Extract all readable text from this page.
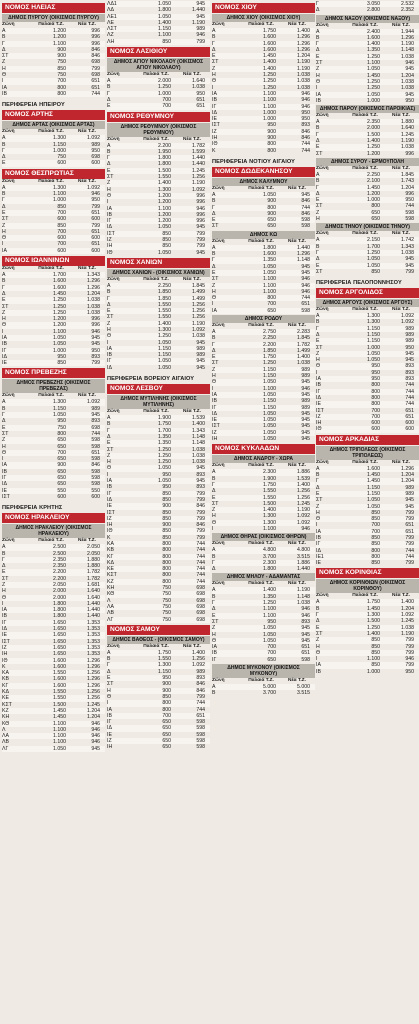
ΝΟΜΟΣ ΗΛΕΙΑΣ
ΔΗΜΟΣ ΠΥΡΓΟΥ (ΟΙΚΙΣΜΟΣ ΠΥΡΓΟΥ)
Ζώνη	Παλαιά Τ.Ζ.	Νέα Τ.Ζ.
Α	1.200	996
Β	1.200	996
Γ	1.100	996
Δ	900	846
ΣΤ	900	846
Ζ	750	698
Η	850	799
Θ	750	698
Ι	700	651
ΙΑ	800	651
ΙΒ	800	744
ΠΕΡΙΦΕΡΕΙΑ ΗΠΕΙΡΟΥ
ΝΟΜΟΣ ΑΡΤΗΣ
ΔΗΜΟΣ ΑΡΤΑΣ (ΟΙΚΙΣΜΟΣ ΑΡΤΑΣ)
Ζώνη	Παλαιά Τ.Ζ.	Νέα Τ.Ζ.
Α	1.300	1.092
Β	1.150	989
Γ	1.000	950
Δ	750	698
Ε	600	600
ΝΟΜΟΣ ΘΕΣΠΡΩΤΙΑΣ
Ζώνη	Παλαιά Τ.Ζ.	Νέα Τ.Ζ.
Α	1.300	1.092
Β	1.100	946
Γ	1.000	950
Δ	850	799
Ε	700	651
ΣΤ	600	600
Ζ	850	799
Η	700	651
Θ	600	600
Ι	700	651
ΙΑ	600	600
ΝΟΜΟΣ ΙΩΑΝΝΙΝΩΝ
Ζώνη	Παλαιά Τ.Ζ.	Νέα Τ.Ζ.
Α	1.700	1.343
Β	1.600	1.296
Γ	1.600	1.296
Δ	1.450	1.204
Ε	1.250	1.038
ΣΤ	1.250	1.038
Ζ	1.250	1.038
Η	1.200	996
Θ	1.200	996
Ι	1.100	946
ΙΑ	1.050	945
ΙΒ	1.050	945
ΙΓ	1.000	950
ΙΔ	950	893
ΙΕ	850	799
ΝΟΜΟΣ ΠΡΕΒΕΖΗΣ
ΔΗΜΟΣ ΠΡΕΒΕΖΗΣ (ΟΙΚΙΣΜΟΣ ΠΡΕΒΕΖΑΣ)
Ζώνη	Παλαιά Τ.Ζ.	Νέα Τ.Ζ.
Α	1.300	1.092
Β	1.150	989
Γ	1.050	945
Δ	950	893
Ε	750	698
ΣΤ	800	744
Ζ	650	598
Η	650	598
Θ	700	651
Ι	650	598
ΙΑ	900	846
ΙΒ	650	598
ΙΓ	650	598
ΙΔ	650	598
ΙΕ	550	550
ΙΣΤ	600	600
ΠΕΡΙΦΕΡΕΙΑ ΚΡΗΤΗΣ
ΝΟΜΟΣ ΗΡΑΚΛΕΙΟΥ
ΔΗΜΟΣ ΗΡΑΚΛΕΙΟΥ (ΟΙΚΙΣΜΟΣ ΗΡΑΚΛΕΙΟΥ)
Ζώνη	Παλαιά Τ.Ζ.	Νέα Τ.Ζ.
Α	2.500	2.050
Β	2.500	2.050
Γ	2.350	1.880
Δ	2.350	1.880
Ε	2.200	1.782
ΣΤ	2.200	1.782
Ζ	2.050	1.681
Η	2.000	1.640
Θ	2.000	1.640
Ι	1.800	1.440
ΙΑ	1.800	1.440
ΙΒ	1.800	1.440
ΙΓ	1.650	1.353
ΙΔ	1.650	1.353
ΙΕ	1.650	1.353
ΙΣΤ	1.650	1.353
ΙΖ	1.650	1.353
ΙΗ	1.650	1.353
ΙΘ	1.600	1.296
Κ	1.600	1.296
ΚΑ	1.550	1.256
ΚΒ	1.600	1.296
ΚΓ	1.600	1.296
ΚΔ	1.550	1.256
ΚΕ	1.550	1.256
ΚΣΤ	1.500	1.245
ΚΖ	1.450	1.204
ΚΗ	1.450	1.204
ΚΘ	1.100	946
Λ	1.100	946
ΛΑ	1.100	946
ΛΒ	1.100	946
ΛΓ	1.050	945
ΛΔ1	1.050	945
ΛΔ	1.800	1.440
ΛΕ1	1.050	945
ΛΕ	1.400	1.190
ΛΣΤ	1.150	989
ΛΖ	1.100	946
ΛΗ	850	799
ΝΟΜΟΣ ΛΑΣΙΘΙΟΥ
ΔΗΜΟΣ ΑΓΙΟΥ ΝΙΚΟΛΑΟΥ (ΟΙΚΙΣΜΟΣ ΑΓΙΟΥ ΝΙΚΟΛΑΟΥ)
Ζώνη	Παλαιά Τ.Ζ.	Νέα Τ.Ζ.
Α	2.000	1.640
Β	1.250	1.038
Γ	1.000	950
Δ	700	651
Ε	700	651
ΝΟΜΟΣ ΡΕΘΥΜΝΟΥ
ΔΗΜΟΣ ΡΕΘΥΜΝΟΥ (ΟΙΚΙΣΜΟΣ ΡΕΘΥΜΝΟΥ)
Ζώνη	Παλαιά Τ.Ζ.	Νέα Τ.Ζ.
Α	2.200	1.782
Β	1.950	1.599
Γ	1.800	1.440
Δ	1.800	1.440
Ε	1.500	1.245
ΣΤ	1.550	1.256
Ζ	1.400	1.190
Η	1.300	1.092
Θ	1.200	996
Ι	1.200	996
ΙΑ	1.100	946
ΙΒ	1.200	996
ΙΓ	1.200	996
ΙΔ	1.050	945
ΙΣΤ	850	799
ΙΖ	850	799
ΙΗ	850	799
ΙΘ	1.050	945
ΝΟΜΟΣ ΧΑΝΙΩΝ
ΔΗΜΟΣ ΧΑΝΙΩΝ - (ΟΙΚΙΣΜΟΣ ΧΑΝΙΩΝ)
Ζώνη	Παλαιά Τ.Ζ.	Νέα Τ.Ζ.
Α	2.250	1.845
Β	1.850	1.499
Γ	1.850	1.499
Δ	1.550	1.256
Ε	1.550	1.256
ΣΤ	1.550	1.256
Ζ	1.400	1.190
Η	1.300	1.092
Θ	1.250	1.038
Ι	1.050	945
ΙΑ	1.150	989
ΙΒ	1.150	989
ΙΓ	1.050	945
ΙΔ	1.050	945
ΠΕΡΙΦΕΡΕΙΑ ΒΟΡΕΙΟΥ ΑΙΓΑΙΟΥ
ΝΟΜΟΣ ΛΕΣΒΟΥ
ΔΗΜΟΣ ΜΥΤΙΛΗΝΗΣ (ΟΙΚΙΣΜΟΣ ΜΥΤΙΛΗΝΗΣ)
Ζώνη	Παλαιά Τ.Ζ.	Νέα Τ.Ζ.
Α	1.900	1.539
Β	1.750	1.400
Γ	1.700	1.343
Δ	1.350	1.148
Ε	1.350	1.148
ΣΤ	1.250	1.038
Ζ	1.250	1.038
Η	1.250	1.038
Θ	1.050	945
Ι	950	893
ΙΑ	1.050	945
ΙΒ	950	893
ΙΓ	850	799
ΙΔ	850	799
ΙΕ	900	846
ΙΣΤ	850	799
ΙΖ	850	799
ΙΗ	900	846
ΙΘ	850	799
Κ	850	799
ΚΑ	800	744
ΚΒ	800	744
ΚΓ	800	744
ΚΔ	800	744
ΚΕ	800	744
ΚΣΤ	800	744
ΚΖ	800	744
ΚΗ	750	698
ΚΘ	750	698
Λ	750	698
ΛΑ	750	698
ΛΒ	750	698
ΛΓ	750	698
ΝΟΜΟΣ ΣΑΜΟΥ
ΔΗΜΟΣ ΒΑΘΕΟΣ - (ΟΙΚΙΣΜΟΣ ΣΑΜΟΥ)
Ζώνη	Παλαιά Τ.Ζ.	Νέα Τ.Ζ.
Α	1.750	1.400
Β	1.550	1.256
Γ	1.300	1.092
Δ	1.150	989
Ε	950	893
ΣΤ	900	846
Η	900	846
Θ	850	799
Ι	800	744
ΙΑ	800	744
ΙΒ	700	651
ΙΓ	650	598
ΙΔ	650	598
ΙΕ	650	598
ΙΖ	650	598
ΙΗ	650	598
ΝΟΜΟΣ ΧΙΟΥ
ΔΗΜΟΣ ΧΙΟΥ (ΟΙΚΙΣΜΟΣ ΧΙΟΥ)
Ζώνη	Παλαιά Τ.Ζ.	Νέα Τ.Ζ.
Α	1.750	1.400
Β	1.600	1.296
Γ	1.600	1.296
Δ	1.600	1.296
Ε	1.450	1.204
ΣΤ	1.400	1.190
Ζ	1.400	1.190
Η	1.250	1.038
Θ	1.250	1.038
Ι	1.250	1.038
ΙΑ	1.100	946
ΙΒ	1.100	946
ΙΓ	1.100	946
ΙΔ	1.000	950
ΙΕ	1.000	950
ΙΣΤ	950	893
ΙΖ	900	846
ΙΗ	900	846
ΙΘ	800	744
Κ	800	744
ΠΕΡΙΦΕΡΕΙΑ ΝΟΤΙΟΥ ΑΙΓΑΙΟΥ
ΝΟΜΟΣ ΔΩΔΕΚΑΝΗΣΟΥ
ΔΗΜΟΣ ΚΑΛΥΜΝΟΥ
Ζώνη	Παλαιά Τ.Ζ.	Νέα Τ.Ζ.
Α	1.050	945
Β	900	846
Γ	800	744
Δ	900	846
Ε	650	598
ΣΤ	650	598
ΔΗΜΟΣ ΚΩ
Ζώνη	Παλαιά Τ.Ζ.	Νέα Τ.Ζ.
Α	1.800	1.440
Β	1.600	1.296
Γ	1.350	1.148
Δ	1.050	945
Ε	1.050	945
ΣΤ	1.100	946
Ζ	1.100	946
Η	1.100	946
Θ	800	744
Ι	700	651
ΙΑ	650	598
ΔΗΜΟΣ ΡΟΔΟΥ
Ζώνη	Παλαιά Τ.Ζ.	Νέα Τ.Ζ.
Α	2.750	2.283
Β	2.250	1.845
Γ	2.200	1.782
Δ	1.850	1.499
Ε	1.750	1.400
ΣΤ	1.250	1.038
Ζ	1.150	989
Η	1.150	989
Θ	1.050	945
Ι	1.100	946
ΙΑ	1.050	945
ΙΒ	1.150	989
ΙΓ	1.150	989
ΙΔ	1.050	945
ΙΕ	1.050	945
ΙΣΤ	1.050	945
ΙΖ	1.050	945
ΙΗ	1.050	945
ΝΟΜΟΣ ΚΥΚΛΑΔΩΝ
ΔΗΜΟΣ ΑΝΔΡΟΥ - ΧΩΡΑ
Ζώνη	Παλαιά Τ.Ζ.	Νέα Τ.Ζ.
Α	2.300	1.886
Β	1.900	1.539
Γ	1.750	1.400
Δ	1.550	1.256
Ε	1.550	1.256
ΣΤ	1.500	1.245
Ζ	1.400	1.190
Η	1.300	1.092
Θ	1.300	1.092
Ι	1.100	946
ΔΗΜΟΣ ΘΗΡΑΣ (ΟΙΚΙΣΜΟΣ ΦΗΡΩΝ)
Ζώνη	Παλαιά Τ.Ζ.	Νέα Τ.Ζ.
Α	4.800	4.800
Β	3.700	3.515
Γ	2.300	1.886
Δ	1.800	1.440
ΔΗΜΟΣ ΜΗΛΟΥ - ΑΔΑΜΑΝΤΑΣ
Ζώνη	Παλαιά Τ.Ζ.	Νέα Τ.Ζ.
Α	1.400	1.190
Β	1.350	1.148
Γ	1.250	1.038
Δ	1.100	946
Ε	1.100	946
ΣΤ	950	893
Ζ	1.050	945
Η	1.050	945
Θ	1.050	945
ΙΑ	700	651
ΙΒ	700	651
ΙΓ	650	598
ΔΗΜΟΣ ΜΥΚΟΝΟΥ (ΟΙΚΙΣΜΟΣ ΜΥΚΟΝΟΥ)
Ζώνη	Παλαιά Τ.Ζ.	Νέα Τ.Ζ.
Α	5.000	5.000
Β	3.700	3.515
Γ	3.050	2.532
Δ	2.800	2.352
ΔΗΜΟΣ ΝΑΞΟΥ (ΟΙΚΙΣΜΟΣ ΝΑΞΟΥ)
Ζώνη	Παλαιά Τ.Ζ.	Νέα Τ.Ζ.
Α	2.400	1.944
Β	1.600	1.296
Γ	1.400	1.190
Δ	1.350	1.148
Ε	1.250	1.038
ΣΤ	1.100	946
Ζ	1.050	945
Η	1.450	1.204
Θ	1.250	1.038
Ι	1.250	1.038
ΙΑ	1.050	945
ΙΒ	1.000	950
ΔΗΜΟΣ ΠΑΡΟΥ (ΟΙΚΙΣΜΟΣ ΠΑΡΟΙΚΙΑΣ)
Ζώνη	Παλαιά Τ.Ζ.	Νέα Τ.Ζ.
Α	2.350	1.880
Β	2.000	1.640
Γ	1.500	1.245
Δ	1.400	1.190
Ε	1.250	1.038
ΣΤ	1.200	996
ΔΗΜΟΣ ΣΥΡΟΥ - ΕΡΜΟΥΠΟΛΗ
Ζώνη	Παλαιά Τ.Ζ.	Νέα Τ.Ζ.
Α	2.250	1.845
Β	2.100	1.743
Γ	1.450	1.204
Δ	1.200	996
Ε	1.000	950
ΣΤ	800	744
Ζ	650	598
Η	650	598
ΔΗΜΟΣ ΤΗΝΟΥ (ΟΙΚΙΣΜΟΣ ΤΗΝΟΥ)
Ζώνη	Παλαιά Τ.Ζ.	Νέα Τ.Ζ.
Α	2.150	1.742
Β	1.700	1.343
Γ	1.250	1.038
Δ	1.050	945
Ε	1.050	945
ΣΤ	850	799
ΠΕΡΙΦΕΡΕΙΑ ΠΕΛΟΠΟΝΝΗΣΟΥ
ΝΟΜΟΣ ΑΡΓΟΛΙΔΟΣ
ΔΗΜΟΣ ΑΡΓΟΥΣ (ΟΙΚΙΣΜΟΣ ΑΡΓΟΥΣ)
Ζώνη	Παλαιά Τ.Ζ.	Νέα Τ.Ζ.
Α	1.300	1.092
Β	1.300	1.092
Γ	1.150	989
Δ	1.150	989
Ε	1.150	989
ΣΤ	1.000	950
Ζ	1.050	945
Η	1.050	945
Θ	950	893
Ι	950	893
ΙΑ	950	893
ΙΒ	800	744
ΙΓ	800	744
ΙΔ	800	744
ΙΕ	800	744
ΙΣΤ	700	651
ΙΖ	700	651
ΙΗ	600	600
ΙΘ	600	600
ΝΟΜΟΣ ΑΡΚΑΔΙΑΣ
ΔΗΜΟΣ ΤΡΙΠΟΛΕΩΣ (ΟΙΚΙΣΜΟΣ ΤΡΙΠΟΛΕΩΣ)
Ζώνη	Παλαιά Τ.Ζ.	Νέα Τ.Ζ.
Α	1.600	1.296
Β	1.450	1.204
Γ	1.450	1.204
Δ	1.150	989
Ε	1.150	989
ΣΤ	1.050	945
Ζ	1.050	945
Η	850	799
Θ	850	799
Ι	700	651
ΙΑ	700	651
ΙΒ	850	799
ΙΓ	850	799
ΙΔ	800	744
ΙΕ1	800	744
ΙΕ	850	799
ΝΟΜΟΣ ΚΟΡΙΝΘΙΑΣ
ΔΗΜΟΣ ΚΟΡΙΝΘΙΩΝ (ΟΙΚΙΣΜΟΣ ΚΟΡΙΝΘΟΥ)
Ζώνη	Παλαιά Τ.Ζ.	Νέα Τ.Ζ.
Α	1.750	1.400
Β	1.450	1.204
Γ	1.300	1.092
Δ	1.500	1.245
Ε	1.250	1.038
ΣΤ	1.400	1.190
Ζ	850	799
Η	850	799
Θ	850	799
Ι	1.100	946
ΙΑ	850	799
ΙΒ	1.000	950
